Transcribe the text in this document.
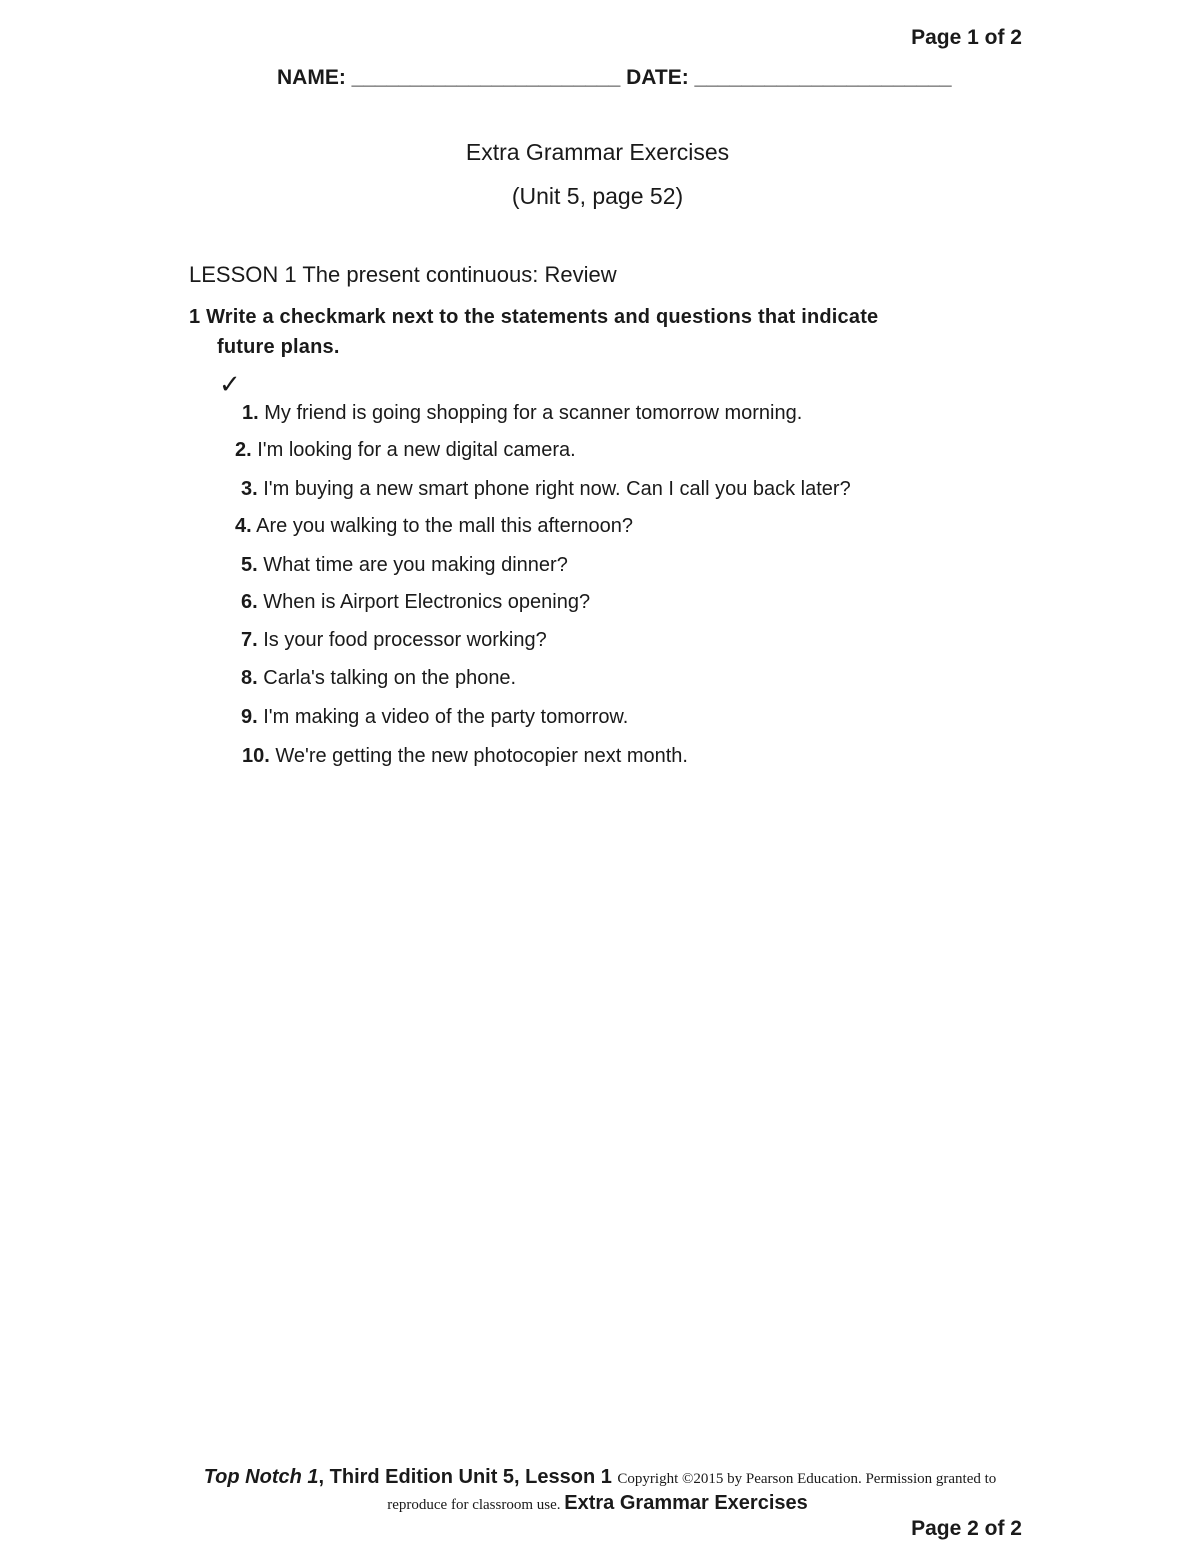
Page 1 of 2
NAME: _______________________ DATE: ______________________
Extra Grammar Exercises
(Unit 5, page 52)
LESSON 1 The present continuous: Review
1 Write a checkmark next to the statements and questions that indicate
future plans.
✓
1. My friend is going shopping for a scanner tomorrow morning.
2. I'm looking for a new digital camera.
3. I'm buying a new smart phone right now. Can I call you back later?
4. Are you walking to the mall this afternoon?
5. What time are you making dinner?
6. When is Airport Electronics opening?
7. Is your food processor working?
8. Carla's talking on the phone.
9. I'm making a video of the party tomorrow.
10. We're getting the new photocopier next month.
Top Notch 1, Third Edition Unit 5, Lesson 1 Copyright ©2015 by Pearson Education. Permission granted to
reproduce for classroom use. Extra Grammar Exercises
Page 2 of 2
